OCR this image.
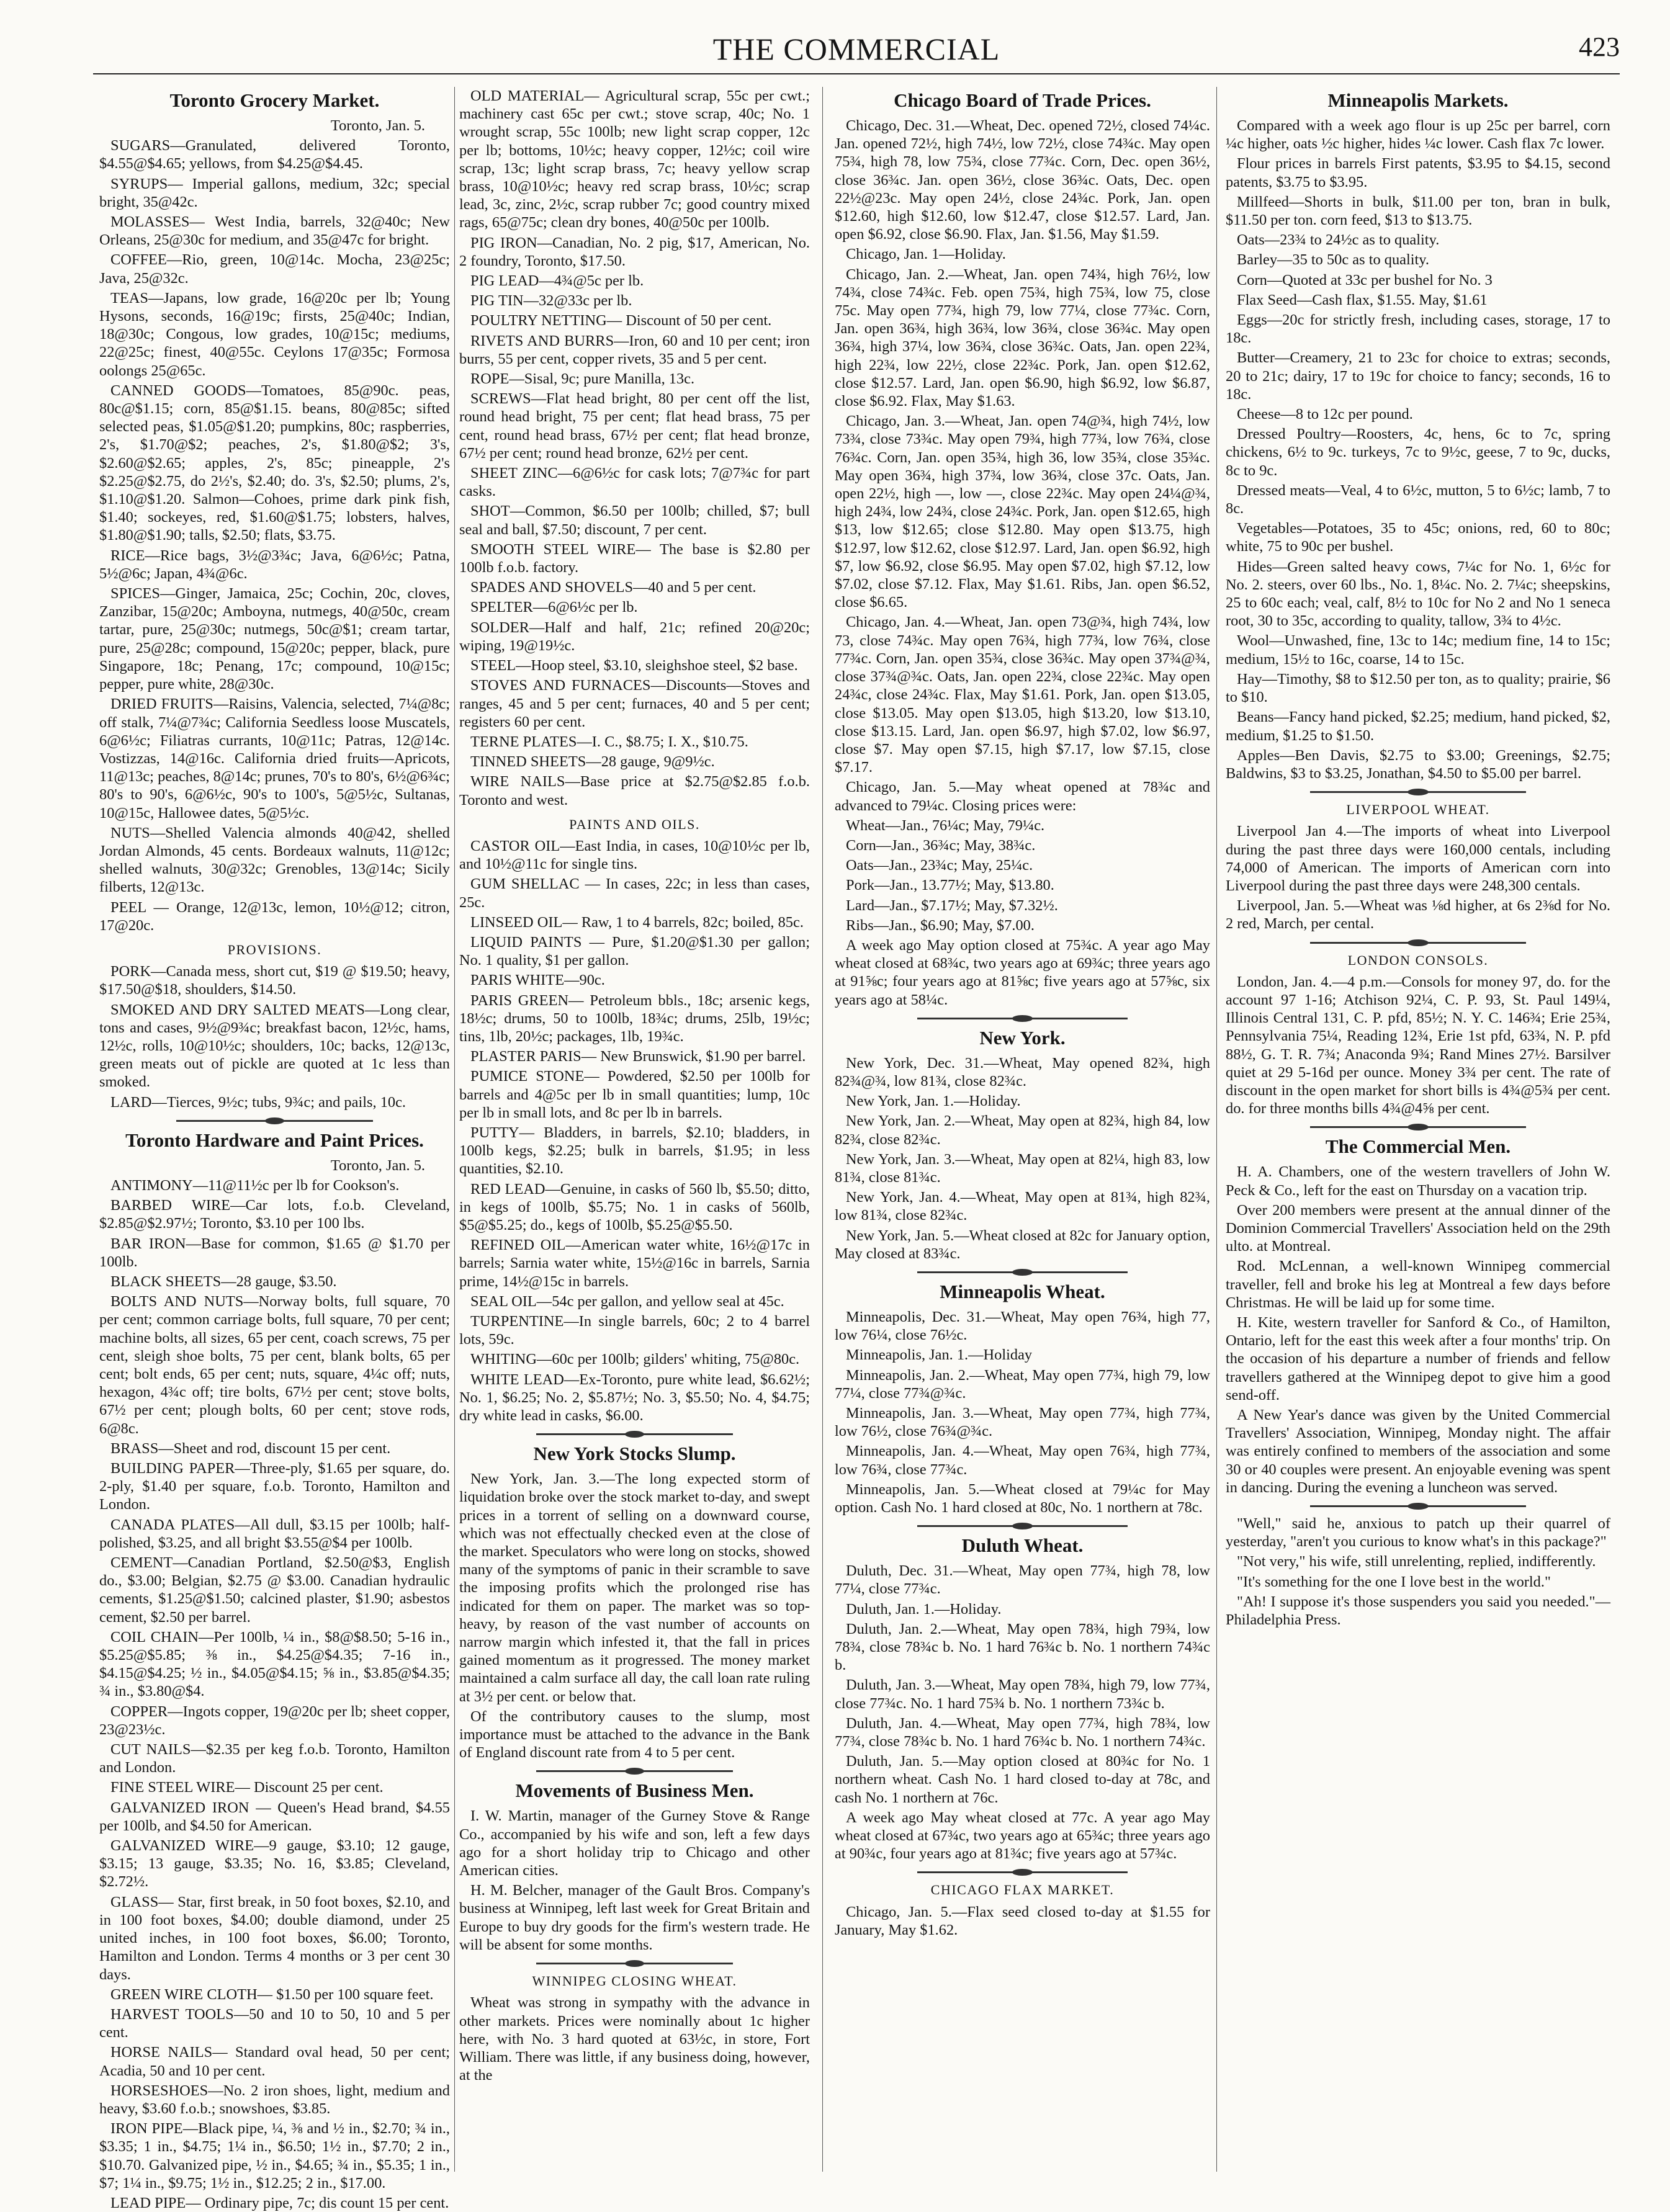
THE COMMERCIAL	423
Toronto Grocery Market.

Toronto, Jan. 5.

SUGARS—Granulated, delivered Toronto, $4.55@$4.65; yellows, from $4.25@$4.45.

SYRUPS— Imperial gallons, medium, 32c; special bright, 35@42c.

MOLASSES— West India, barrels, 32@40c; New Orleans, 25@30c for medium, and 35@47c for bright.

COFFEE—Rio, green, 10@14c. Mocha, 23@25c; Java, 25@32c.

TEAS—Japans, low grade, 16@20c per lb; Young Hysons, seconds, 16@19c; firsts, 25@40c; Indian, 18@30c; Congous, low grades, 10@15c; mediums, 22@25c; finest, 40@55c. Ceylons 17@35c; Formosa oolongs 25@65c.

CANNED GOODS—Tomatoes, 85@90c. peas, 80c@$1.15; corn, 85@$1.15. beans, 80@85c; sifted selected peas, $1.05@$1.20; pumpkins, 80c; raspberries, 2's, $1.70@$2; peaches, 2's, $1.80@$2; 3's, $2.60@$2.65; apples, 2's, 85c; pineapple, 2's $2.25@$2.75, do 2½'s, $2.40; do. 3's, $2.50; plums, 2's, $1.10@$1.20. Salmon—Cohoes, prime dark pink fish, $1.40; sockeyes, red, $1.60@$1.75; lobsters, halves, $1.80@$1.90; talls, $2.50; flats, $3.75.

RICE—Rice bags, 3½@3¾c; Java, 6@6½c; Patna, 5½@6c; Japan, 4¾@6c.

SPICES—Ginger, Jamaica, 25c; Cochin, 20c, cloves, Zanzibar, 15@20c; Amboyna, nutmegs, 40@50c, cream tartar, pure, 25@30c; nutmegs, 50c@$1; cream tartar, pure, 25@28c; compound, 15@20c; pepper, black, pure Singapore, 18c; Penang, 17c; compound, 10@15c; pepper, pure white, 28@30c.

DRIED FRUITS—Raisins, Valencia, selected, 7¼@8c; off stalk, 7¼@7¾c; California Seedless loose Muscatels, 6@6½c; Filiatras currants, 10@11c; Patras, 12@14c. Vostizzas, 14@16c. California dried fruits—Apricots, 11@13c; peaches, 8@14c; prunes, 70's to 80's, 6½@6¾c; 80's to 90's, 6@6½c, 90's to 100's, 5@5½c, Sultanas, 10@15c, Hallowee dates, 5@5½c.

NUTS—Shelled Valencia almonds 40@42, shelled Jordan Almonds, 45 cents. Bordeaux walnuts, 11@12c; shelled walnuts, 30@32c; Grenobles, 13@14c; Sicily filberts, 12@13c.

PEEL — Orange, 12@13c, lemon, 10½@12; citron, 17@20c.

PROVISIONS.

PORK—Canada mess, short cut, $19 @ $19.50; heavy, $17.50@$18, shoulders, $14.50.

SMOKED AND DRY SALTED MEATS—Long clear, tons and cases, 9½@9¾c; breakfast bacon, 12½c, hams, 12½c, rolls, 10@10½c; shoulders, 10c; backs, 12@13c, green meats out of pickle are quoted at 1c less than smoked.

LARD—Tierces, 9½c; tubs, 9¾c; and pails, 10c.

Toronto Hardware and Paint Prices.

Toronto, Jan. 5.

ANTIMONY—11@11½c per lb for Cookson's.

BARBED WIRE—Car lots, f.o.b. Cleveland, $2.85@$2.97½; Toronto, $3.10 per 100 lbs.

BAR IRON—Base for common, $1.65 @ $1.70 per 100lb.

BLACK SHEETS—28 gauge, $3.50.

BOLTS AND NUTS—Norway bolts, full square, 70 per cent; common carriage bolts, full square, 70 per cent; machine bolts, all sizes, 65 per cent, coach screws, 75 per cent, sleigh shoe bolts, 75 per cent, blank bolts, 65 per cent; bolt ends, 65 per cent; nuts, square, 4¼c off; nuts, hexagon, 4¾c off; tire bolts, 67½ per cent; stove bolts, 67½ per cent; plough bolts, 60 per cent; stove rods, 6@8c.

BRASS—Sheet and rod, discount 15 per cent.

BUILDING PAPER—Three-ply, $1.65 per square, do. 2-ply, $1.40 per square, f.o.b. Toronto, Hamilton and London.

CANADA PLATES—All dull, $3.15 per 100lb; half-polished, $3.25, and all bright $3.55@$4 per 100lb.

CEMENT—Canadian Portland, $2.50@$3, English do., $3.00; Belgian, $2.75 @ $3.00. Canadian hydraulic cements, $1.25@$1.50; calcined plaster, $1.90; asbestos cement, $2.50 per barrel.

COIL CHAIN—Per 100lb, ¼ in., $8@$8.50; 5-16 in., $5.25@$5.85; ⅜ in., $4.25@$4.35; 7-16 in., $4.15@$4.25; ½ in., $4.05@$4.15; ⅝ in., $3.85@$4.35; ¾ in., $3.80@$4.

COPPER—Ingots copper, 19@20c per lb; sheet copper, 23@23½c.

CUT NAILS—$2.35 per keg f.o.b. Toronto, Hamilton and London.

FINE STEEL WIRE— Discount 25 per cent.

GALVANIZED IRON — Queen's Head brand, $4.55 per 100lb, and $4.50 for American.

GALVANIZED WIRE—9 gauge, $3.10; 12 gauge, $3.15; 13 gauge, $3.35; No. 16, $3.85; Cleveland, $2.72½.

GLASS— Star, first break, in 50 foot boxes, $2.10, and in 100 foot boxes, $4.00; double diamond, under 25 united inches, in 100 foot boxes, $6.00; Toronto, Hamilton and London. Terms 4 months or 3 per cent 30 days.

GREEN WIRE CLOTH— $1.50 per 100 square feet.

HARVEST TOOLS—50 and 10 to 50, 10 and 5 per cent.

HORSE NAILS— Standard oval head, 50 per cent; Acadia, 50 and 10 per cent.

HORSESHOES—No. 2 iron shoes, light, medium and heavy, $3.60 f.o.b.; snowshoes, $3.85.

IRON PIPE—Black pipe, ¼, ⅜ and ½ in., $2.70; ¾ in., $3.35; 1 in., $4.75; 1¼ in., $6.50; 1½ in., $7.70; 2 in., $10.70. Galvanized pipe, ½ in., $4.65; ¾ in., $5.35; 1 in., $7; 1¼ in., $9.75; 1½ in., $12.25; 2 in., $17.00.

LEAD PIPE— Ordinary pipe, 7c; dis count 15 per cent.

OLD MATERIAL— Agricultural scrap, 55c per cwt.; machinery cast 65c per cwt.; stove scrap, 40c; No. 1 wrought scrap, 55c 100lb; new light scrap copper, 12c per lb; bottoms, 10½c; heavy copper, 12½c; coil wire scrap, 13c; light scrap brass, 7c; heavy yellow scrap brass, 10@10½c; heavy red scrap brass, 10½c; scrap lead, 3c, zinc, 2½c, scrap rubber 7c; good country mixed rags, 65@75c; clean dry bones, 40@50c per 100lb.

PIG IRON—Canadian, No. 2 pig, $17, American, No. 2 foundry, Toronto, $17.50.

PIG LEAD—4¾@5c per lb.

PIG TIN—32@33c per lb.

POULTRY NETTING— Discount of 50 per cent.

RIVETS AND BURRS—Iron, 60 and 10 per cent; iron burrs, 55 per cent, copper rivets, 35 and 5 per cent.

ROPE—Sisal, 9c; pure Manilla, 13c.

SCREWS—Flat head bright, 80 per cent off the list, round head bright, 75 per cent; flat head brass, 75 per cent, round head brass, 67½ per cent; flat head bronze, 67½ per cent; round head bronze, 62½ per cent.

SHEET ZINC—6@6½c for cask lots; 7@7¾c for part casks.

SHOT—Common, $6.50 per 100lb; chilled, $7; bull seal and ball, $7.50; discount, 7 per cent.

SMOOTH STEEL WIRE— The base is $2.80 per 100lb f.o.b. factory.

SPADES AND SHOVELS—40 and 5 per cent.

SPELTER—6@6½c per lb.

SOLDER—Half and half, 21c; refined 20@20c; wiping, 19@19½c.

STEEL—Hoop steel, $3.10, sleighshoe steel, $2 base.

STOVES AND FURNACES—Discounts—Stoves and ranges, 45 and 5 per cent; furnaces, 40 and 5 per cent; registers 60 per cent.

TERNE PLATES—I. C., $8.75; I. X., $10.75.

TINNED SHEETS—28 gauge, 9@9½c.

WIRE NAILS—Base price at $2.75@$2.85 f.o.b. Toronto and west.

PAINTS AND OILS.

CASTOR OIL—East India, in cases, 10@10½c per lb, and 10½@11c for single tins.

GUM SHELLAC — In cases, 22c; in less than cases, 25c.

LINSEED OIL— Raw, 1 to 4 barrels, 82c; boiled, 85c.

LIQUID PAINTS — Pure, $1.20@$1.30 per gallon; No. 1 quality, $1 per gallon.

PARIS WHITE—90c.

PARIS GREEN— Petroleum bbls., 18c; arsenic kegs, 18½c; drums, 50 to 100lb, 18¾c; drums, 25lb, 19½c; tins, 1lb, 20½c; packages, 1lb, 19¾c.

PLASTER PARIS— New Brunswick, $1.90 per barrel.

PUMICE STONE— Powdered, $2.50 per 100lb for barrels and 4@5c per lb in small quantities; lump, 10c per lb in small lots, and 8c per lb in barrels.

PUTTY— Bladders, in barrels, $2.10; bladders, in 100lb kegs, $2.25; bulk in barrels, $1.95; in less quantities, $2.10.

RED LEAD—Genuine, in casks of 560 lb, $5.50; ditto, in kegs of 100lb, $5.75; No. 1 in casks of 560lb, $5@$5.25; do., kegs of 100lb, $5.25@$5.50.

REFINED OIL—American water white, 16½@17c in barrels; Sarnia water white, 15½@16c in barrels, Sarnia prime, 14½@15c in barrels.

SEAL OIL—54c per gallon, and yellow seal at 45c.

TURPENTINE—In single barrels, 60c; 2 to 4 barrel lots, 59c.

WHITING—60c per 100lb; gilders' whiting, 75@80c.

WHITE LEAD—Ex-Toronto, pure white lead, $6.62½; No. 1, $6.25; No. 2, $5.87½; No. 3, $5.50; No. 4, $4.75; dry white lead in casks, $6.00.

New York Stocks Slump.

New York, Jan. 3.—The long expected storm of liquidation broke over the stock market to-day, and swept prices in a torrent of selling on a downward course, which was not effectually checked even at the close of the market. Speculators who were long on stocks, showed many of the symptoms of panic in their scramble to save the imposing profits which the prolonged rise has indicated for them on paper. The market was so top-heavy, by reason of the vast number of accounts on narrow margin which infested it, that the fall in prices gained momentum as it progressed. The money market maintained a calm surface all day, the call loan rate ruling at 3½ per cent. or below that.

Of the contributory causes to the slump, most importance must be attached to the advance in the Bank of England discount rate from 4 to 5 per cent.

Movements of Business Men.

I. W. Martin, manager of the Gurney Stove & Range Co., accompanied by his wife and son, left a few days ago for a short holiday trip to Chicago and other American cities.

H. M. Belcher, manager of the Gault Bros. Company's business at Winnipeg, left last week for Great Britain and Europe to buy dry goods for the firm's western trade. He will be absent for some months.

WINNIPEG CLOSING WHEAT.

Wheat was strong in sympathy with the advance in other markets. Prices were nominally about 1c higher here, with No. 3 hard quoted at 63½c, in store, Fort William. There was little, if any business doing, however, at the

Chicago Board of Trade Prices.

Chicago, Dec. 31.—Wheat, Dec. opened 72½, closed 74¼c. Jan. opened 72½, high 74½, low 72½, close 74¾c. May open 75¾, high 78, low 75¾, close 77¾c. Corn, Dec. open 36½, close 36¾c. Jan. open 36½, close 36¾c. Oats, Dec. open 22½@23c. May open 24½, close 24¾c. Pork, Jan. open $12.60, high $12.60, low $12.47, close $12.57. Lard, Jan. open $6.92, close $6.90. Flax, Jan. $1.56, May $1.59.

Chicago, Jan. 1—Holiday.

Chicago, Jan. 2.—Wheat, Jan. open 74¾, high 76½, low 74¾, close 74¾c. Feb. open 75¾, high 75¾, low 75, close 75c. May open 77¾, high 79, low 77¼, close 77¾c. Corn, Jan. open 36¾, high 36¾, low 36¾, close 36¾c. May open 36¾, high 37¼, low 36¾, close 36¾c. Oats, Jan. open 22¾, high 22¾, low 22½, close 22¾c. Pork, Jan. open $12.62, close $12.57. Lard, Jan. open $6.90, high $6.92, low $6.87, close $6.92. Flax, May $1.63.

Chicago, Jan. 3.—Wheat, Jan. open 74@¾, high 74½, low 73¾, close 73¾c. May open 79¾, high 77¾, low 76¾, close 76¾c. Corn, Jan. open 35¾, high 36, low 35¾, close 35¾c. May open 36¾, high 37¾, low 36¾, close 37c. Oats, Jan. open 22½, high —, low —, close 22¾c. May open 24¼@¾, high 24¾, low 24¾, close 24¾c. Pork, Jan. open $12.65, high $13, low $12.65; close $12.80. May open $13.75, high $12.97, low $12.62, close $12.97. Lard, Jan. open $6.92, high $7, low $6.92, close $6.95. May open $7.02, high $7.12, low $7.02, close $7.12. Flax, May $1.61. Ribs, Jan. open $6.52, close $6.65.

Chicago, Jan. 4.—Wheat, Jan. open 73@¾, high 74¾, low 73, close 74¾c. May open 76¾, high 77¾, low 76¾, close 77¾c. Corn, Jan. open 35¾, close 36¾c. May open 37¾@¾, close 37¾@¾c. Oats, Jan. open 22¾, close 22¾c. May open 24¾c, close 24¾c. Flax, May $1.61. Pork, Jan. open $13.05, close $13.05. May open $13.05, high $13.20, low $13.10, close $13.15. Lard, Jan. open $6.97, high $7.02, low $6.97, close $7. May open $7.15, high $7.17, low $7.15, close $7.17.

Chicago, Jan. 5.—May wheat opened at 78¾c and advanced to 79¼c. Closing prices were:

Wheat—Jan., 76¼c; May, 79¼c.

Corn—Jan., 36¾c; May, 38¾c.

Oats—Jan., 23¾c; May, 25¼c.

Pork—Jan., 13.77½; May, $13.80.

Lard—Jan., $7.17½; May, $7.32½.

Ribs—Jan., $6.90; May, $7.00.

A week ago May option closed at 75¾c. A year ago May wheat closed at 68¾c, two years ago at 69¾c; three years ago at 91⅝c; four years ago at 81⅝c; five years ago at 57⅝c, six years ago at 58¼c.

New York.

New York, Dec. 31.—Wheat, May opened 82¾, high 82¾@¾, low 81¾, close 82¾c.

New York, Jan. 1.—Holiday.

New York, Jan. 2.—Wheat, May open at 82¾, high 84, low 82¾, close 82¾c.

New York, Jan. 3.—Wheat, May open at 82¼, high 83, low 81¾, close 81¾c.

New York, Jan. 4.—Wheat, May open at 81¾, high 82¾, low 81¾, close 82¾c.

New York, Jan. 5.—Wheat closed at 82c for January option, May closed at 83¾c.

Minneapolis Wheat.

Minneapolis, Dec. 31.—Wheat, May open 76¾, high 77, low 76¼, close 76½c.

Minneapolis, Jan. 1.—Holiday

Minneapolis, Jan. 2.—Wheat, May open 77¾, high 79, low 77¼, close 77¾@¾c.

Minneapolis, Jan. 3.—Wheat, May open 77¾, high 77¾, low 76½, close 76¾@¾c.

Minneapolis, Jan. 4.—Wheat, May open 76¾, high 77¾, low 76¾, close 77¾c.

Minneapolis, Jan. 5.—Wheat closed at 79¼c for May option. Cash No. 1 hard closed at 80c, No. 1 northern at 78c.

Duluth Wheat.

Duluth, Dec. 31.—Wheat, May open 77¾, high 78, low 77¼, close 77¾c.

Duluth, Jan. 1.—Holiday.

Duluth, Jan. 2.—Wheat, May open 78¾, high 79¾, low 78¾, close 78¾c b. No. 1 hard 76¾c b. No. 1 northern 74¾c b.

Duluth, Jan. 3.—Wheat, May open 78¾, high 79, low 77¾, close 77¾c. No. 1 hard 75¾ b. No. 1 northern 73¾c b.

Duluth, Jan. 4.—Wheat, May open 77¾, high 78¾, low 77¾, close 78¾c b. No. 1 hard 76¾c b. No. 1 northern 74¾c.

Duluth, Jan. 5.—May option closed at 80¾c for No. 1 northern wheat. Cash No. 1 hard closed to-day at 78c, and cash No. 1 northern at 76c.

A week ago May wheat closed at 77c. A year ago May wheat closed at 67¾c, two years ago at 65¾c; three years ago at 90¾c, four years ago at 81¾c; five years ago at 57¾c.

CHICAGO FLAX MARKET.

Chicago, Jan. 5.—Flax seed closed to-day at $1.55 for January, May $1.62.

Minneapolis Markets.

Compared with a week ago flour is up 25c per barrel, corn ¼c higher, oats ½c higher, hides ¼c lower. Cash flax 7c lower.

Flour prices in barrels First patents, $3.95 to $4.15, second patents, $3.75 to $3.95.

Millfeed—Shorts in bulk, $11.00 per ton, bran in bulk, $11.50 per ton. corn feed, $13 to $13.75.

Oats—23¾ to 24½c as to quality.

Barley—35 to 50c as to quality.

Corn—Quoted at 33c per bushel for No. 3

Flax Seed—Cash flax, $1.55. May, $1.61

Eggs—20c for strictly fresh, including cases, storage, 17 to 18c.

Butter—Creamery, 21 to 23c for choice to extras; seconds, 20 to 21c; dairy, 17 to 19c for choice to fancy; seconds, 16 to 18c.

Cheese—8 to 12c per pound.

Dressed Poultry—Roosters, 4c, hens, 6c to 7c, spring chickens, 6½ to 9c. turkeys, 7c to 9½c, geese, 7 to 9c, ducks, 8c to 9c.

Dressed meats—Veal, 4 to 6½c, mutton, 5 to 6½c; lamb, 7 to 8c.

Vegetables—Potatoes, 35 to 45c; onions, red, 60 to 80c; white, 75 to 90c per bushel.

Hides—Green salted heavy cows, 7¼c for No. 1, 6½c for No. 2. steers, over 60 lbs., No. 1, 8¼c. No. 2. 7¼c; sheepskins, 25 to 60c each; veal, calf, 8½ to 10c for No 2 and No 1 seneca root, 30 to 35c, according to quality, tallow, 3¾ to 4½c.

Wool—Unwashed, fine, 13c to 14c; medium fine, 14 to 15c; medium, 15½ to 16c, coarse, 14 to 15c.

Hay—Timothy, $8 to $12.50 per ton, as to quality; prairie, $6 to $10.

Beans—Fancy hand picked, $2.25; medium, hand picked, $2, medium, $1.25 to $1.50.

Apples—Ben Davis, $2.75 to $3.00; Greenings, $2.75; Baldwins, $3 to $3.25, Jonathan, $4.50 to $5.00 per barrel.

LIVERPOOL WHEAT.

Liverpool Jan 4.—The imports of wheat into Liverpool during the past three days were 160,000 centals, including 74,000 of American. The imports of American corn into Liverpool during the past three days were 248,300 centals.

Liverpool, Jan. 5.—Wheat was ⅛d higher, at 6s 2⅜d for No. 2 red, March, per cental.

LONDON CONSOLS.

London, Jan. 4.—4 p.m.—Consols for money 97, do. for the account 97 1-16; Atchison 92¼, C. P. 93, St. Paul 149¼, Illinois Central 131, C. P. pfd, 85½; N. Y. C. 146¾; Erie 25¾, Pennsylvania 75¼, Reading 12¾, Erie 1st pfd, 63¾, N. P. pfd 88½, G. T. R. 7¾; Anaconda 9¾; Rand Mines 27½. Barsilver quiet at 29 5-16d per ounce. Money 3¾ per cent. The rate of discount in the open market for short bills is 4¾@5¾ per cent. do. for three months bills 4¾@4⅝ per cent.

The Commercial Men.

H. A. Chambers, one of the western travellers of John W. Peck & Co., left for the east on Thursday on a vacation trip.

Over 200 members were present at the annual dinner of the Dominion Commercial Travellers' Association held on the 29th ulto. at Montreal.

Rod. McLennan, a well-known Winnipeg commercial traveller, fell and broke his leg at Montreal a few days before Christmas. He will be laid up for some time.

H. Kite, western traveller for Sanford & Co., of Hamilton, Ontario, left for the east this week after a four months' trip. On the occasion of his departure a number of friends and fellow travellers gathered at the Winnipeg depot to give him a good send-off.

A New Year's dance was given by the United Commercial Travellers' Association, Winnipeg, Monday night. The affair was entirely confined to members of the association and some 30 or 40 couples were present. An enjoyable evening was spent in dancing. During the evening a luncheon was served.

"Well," said he, anxious to patch up their quarrel of yesterday, "aren't you curious to know what's in this package?"

"Not very," his wife, still unrelenting, replied, indifferently.

"It's something for the one I love best in the world."

"Ah! I suppose it's those suspenders you said you needed."—Philadelphia Press.
